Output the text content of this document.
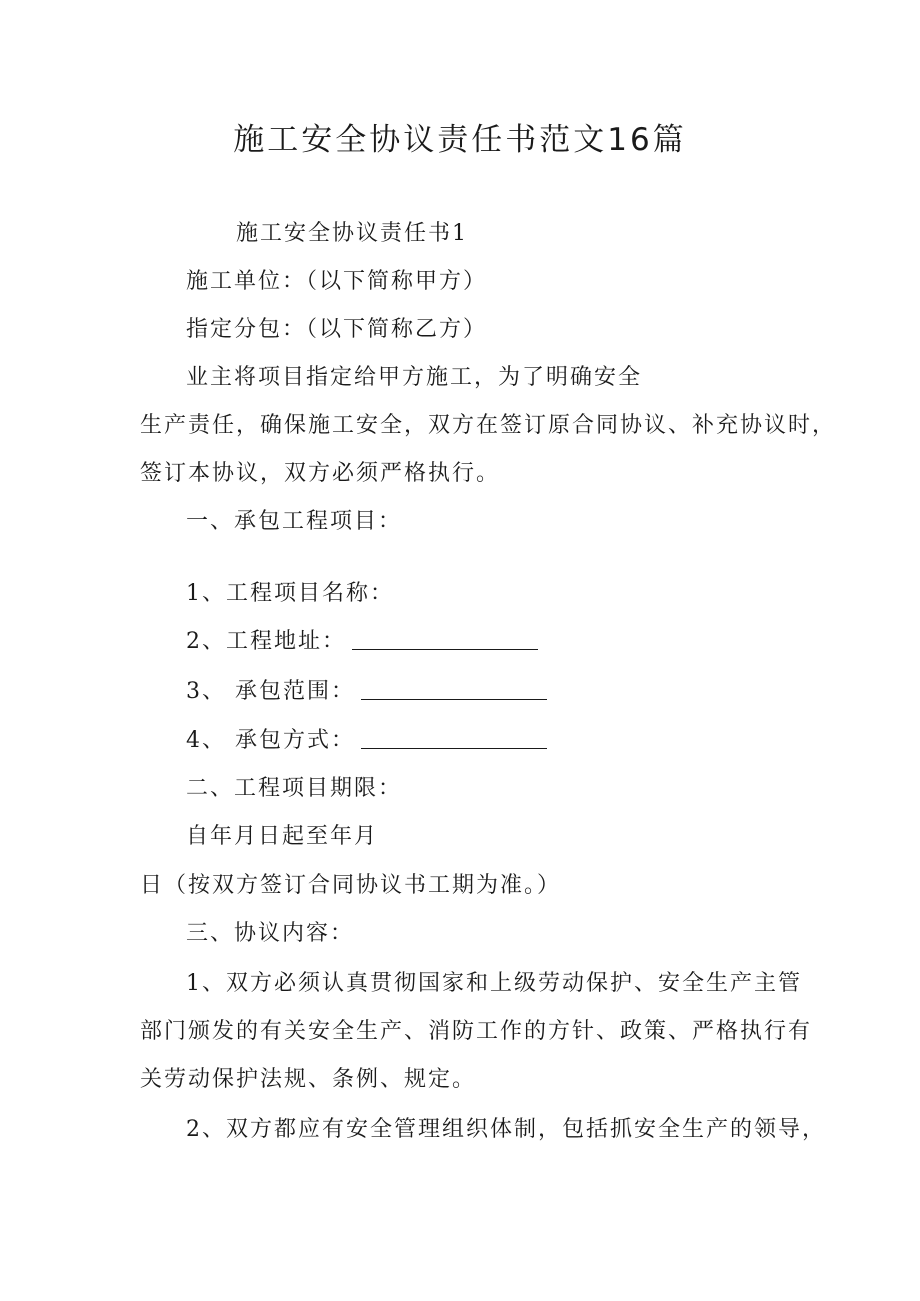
施工安全协议责任书范文16篇
施工安全协议责任书1
施工单位：（以下简称甲方）
指定分包：（以下简称乙方）
业主将项目指定给甲方施工，为了明确安全
生产责任，确保施工安全，双方在签订原合同协议、补充协议时，
签订本协议，双方必须严格执行。
一、承包工程项目：
1、工程项目名称：
2、工程地址：
3、 承包范围：
4、 承包方式：
二、工程项目期限：
自年月日起至年月
日（按双方签订合同协议书工期为准。）
三、协议内容：
1、双方必须认真贯彻国家和上级劳动保护、安全生产主管
部门颁发的有关安全生产、消防工作的方针、政策、严格执行有
关劳动保护法规、条例、规定。
2、双方都应有安全管理组织体制，包括抓安全生产的领导，
